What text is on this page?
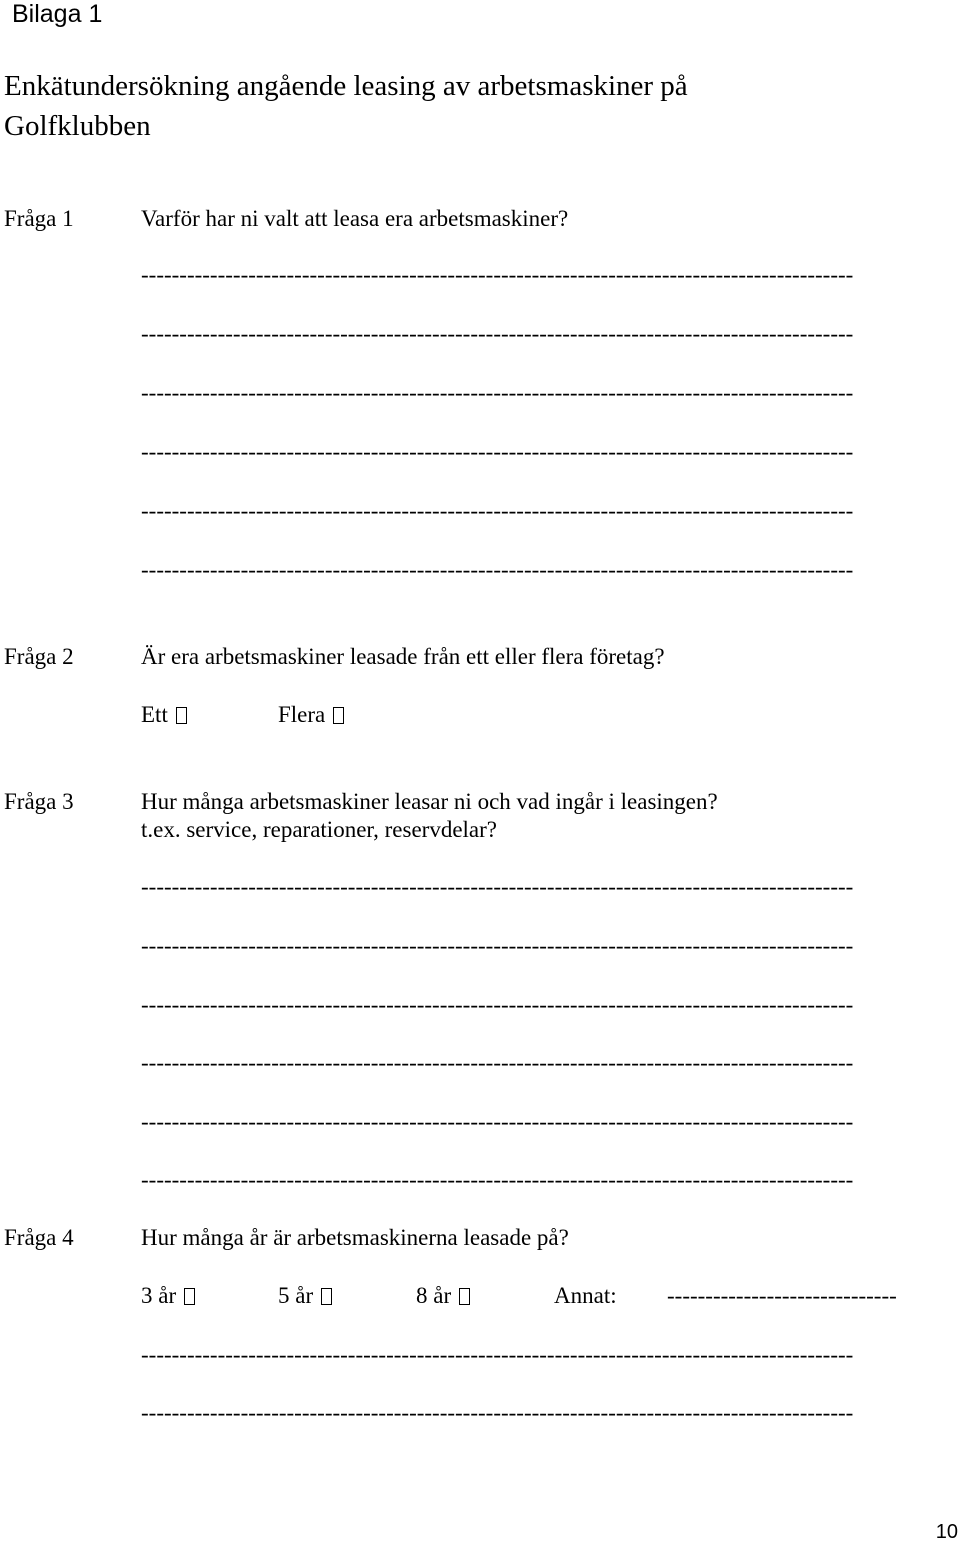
Bilaga 1
Enkätundersökning angående leasing av arbetsmaskiner på
Golfklubben
Fråga 1	Varför har ni valt att leasa era arbetsmaskiner?
---------------------------------------------------------------------------------------------
---------------------------------------------------------------------------------------------
---------------------------------------------------------------------------------------------
---------------------------------------------------------------------------------------------
---------------------------------------------------------------------------------------------
---------------------------------------------------------------------------------------------
Fråga 2	Är era arbetsmaskiner leasade från ett eller flera företag?
Ett	Flera
Fråga 3	Hur många arbetsmaskiner leasar ni och vad ingår i leasingen?
t.ex. service, reparationer, reservdelar?
---------------------------------------------------------------------------------------------
---------------------------------------------------------------------------------------------
---------------------------------------------------------------------------------------------
---------------------------------------------------------------------------------------------
---------------------------------------------------------------------------------------------
---------------------------------------------------------------------------------------------
Fråga 4	Hur många år är arbetsmaskinerna leasade på?
3 år	5 år	8 år	Annat: ------------------------------
---------------------------------------------------------------------------------------------
---------------------------------------------------------------------------------------------
10
